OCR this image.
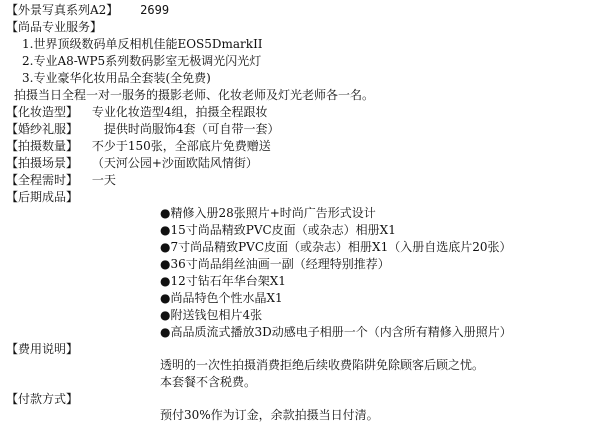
【外景写真系列A2】 2699
【尚品专业服务】
1.世界顶级数码单反相机佳能EOS5DmarkII
2.专业A8-WP5系列数码影室无极调光闪光灯
3.专业豪华化妆用品全套装(全免费)
拍摄当日全程一对一服务的摄影老师、化妆老师及灯光老师各一名。
【化妆造型】 专业化妆造型4组，拍摄全程跟妆
【婚纱礼服】 提供时尚服饰4套（可自带一套）
【拍摄数量】 不少于150张，全部底片免费赠送
【拍摄场景】 （天河公园+沙面欧陆风情街）
【全程需时】 一天
【后期成品】
●精修入册28张照片+时尚广告形式设计
●15寸尚品精致PVC皮面（或杂志）相册X1
●7寸尚品精致PVC皮面（或杂志）相册X1（入册自选底片20张）
●36寸尚品绢丝油画一副（经理特别推荐）
●12寸钻石年华台架X1
●尚品特色个性水晶X1
●附送钱包相片4张
●高品质流式播放3D动感电子相册一个（内含所有精修入册照片）
【费用说明】
透明的一次性拍摄消费拒绝后续收费陷阱免除顾客后顾之忧。
本套餐不含税费。
【付款方式】
预付30%作为订金，余款拍摄当日付清。
